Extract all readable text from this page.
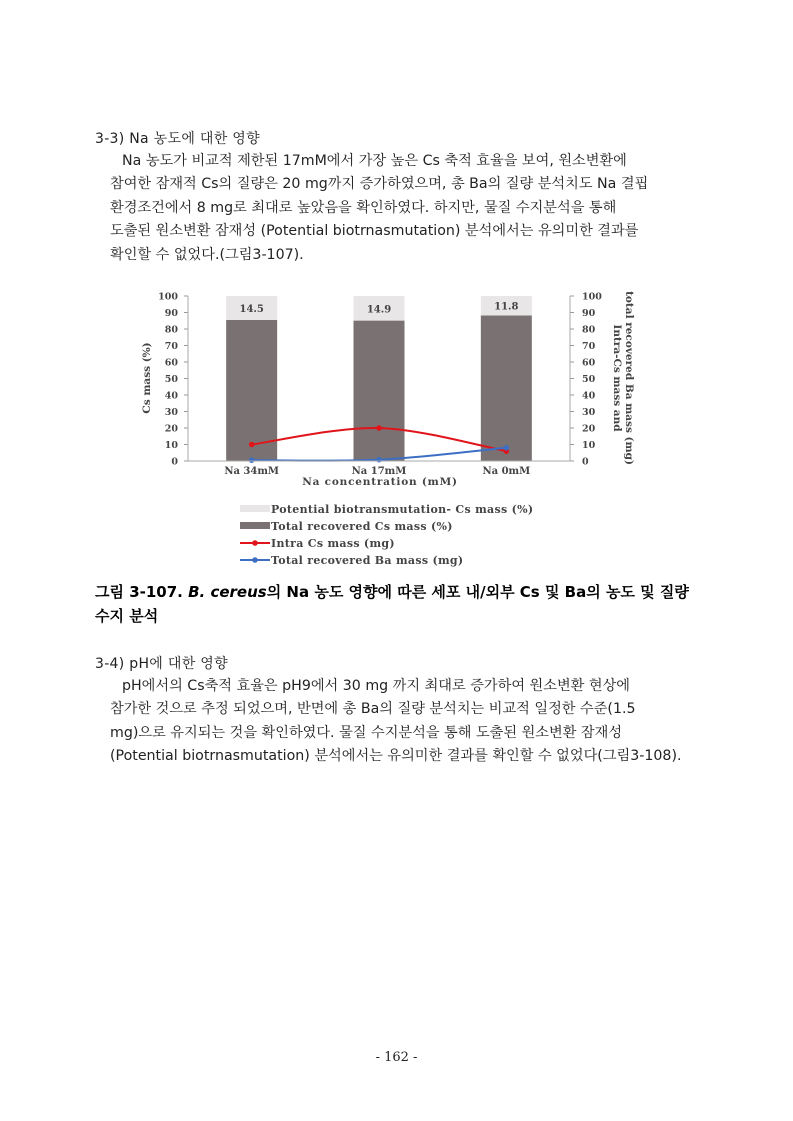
3-3) Na 농도에 대한 영향

Na 농도가 비교적 제한된 17mM에서 가장 높은 Cs 축적 효율을 보여, 원소변환에

참여한 잠재적 Cs의 질량은 20 mg까지 증가하였으며, 총 Ba의 질량 분석치도 Na 결핍

환경조건에서 8 mg로 최대로 높았음을 확인하였다. 하지만, 물질 수지분석을 통해

도출된 원소변환 잠재성 (Potential biotrnasmutation) 분석에서는 유의미한 결과를

확인할 수 없었다.(그림3-107).

0
10
20
30
40
50
60
70
80
90
100
0
10
20
30
40
50
60
70
80
90
100
14.5	14.9	11.8
Na 34mM	Na 17mM	Na 0mM
Cs mass (%)	Intra-Cs mass and total recovered Ba mass (mg)
Na concentration (mM)
Potential biotransmutation- Cs mass (%)
Total recovered Cs mass (%)
Intra Cs mass (mg)
Total recovered Ba mass (mg)
그림 3-107. B. cereus의 Na 농도 영향에 따른 세포 내/외부 Cs 및 Ba의 농도 및 질량
수지 분석
3-4) pH에 대한 영향

pH에서의 Cs축적 효율은 pH9에서 30 mg 까지 최대로 증가하여 원소변환 현상에

참가한 것으로 추정 되었으며, 반면에 총 Ba의 질량 분석치는 비교적 일정한 수준(1.5

mg)으로 유지되는 것을 확인하였다. 물질 수지분석을 통해 도출된 원소변환 잠재성

(Potential biotrnasmutation) 분석에서는 유의미한 결과를 확인할 수 없었다(그림3-108).

- 162 -
